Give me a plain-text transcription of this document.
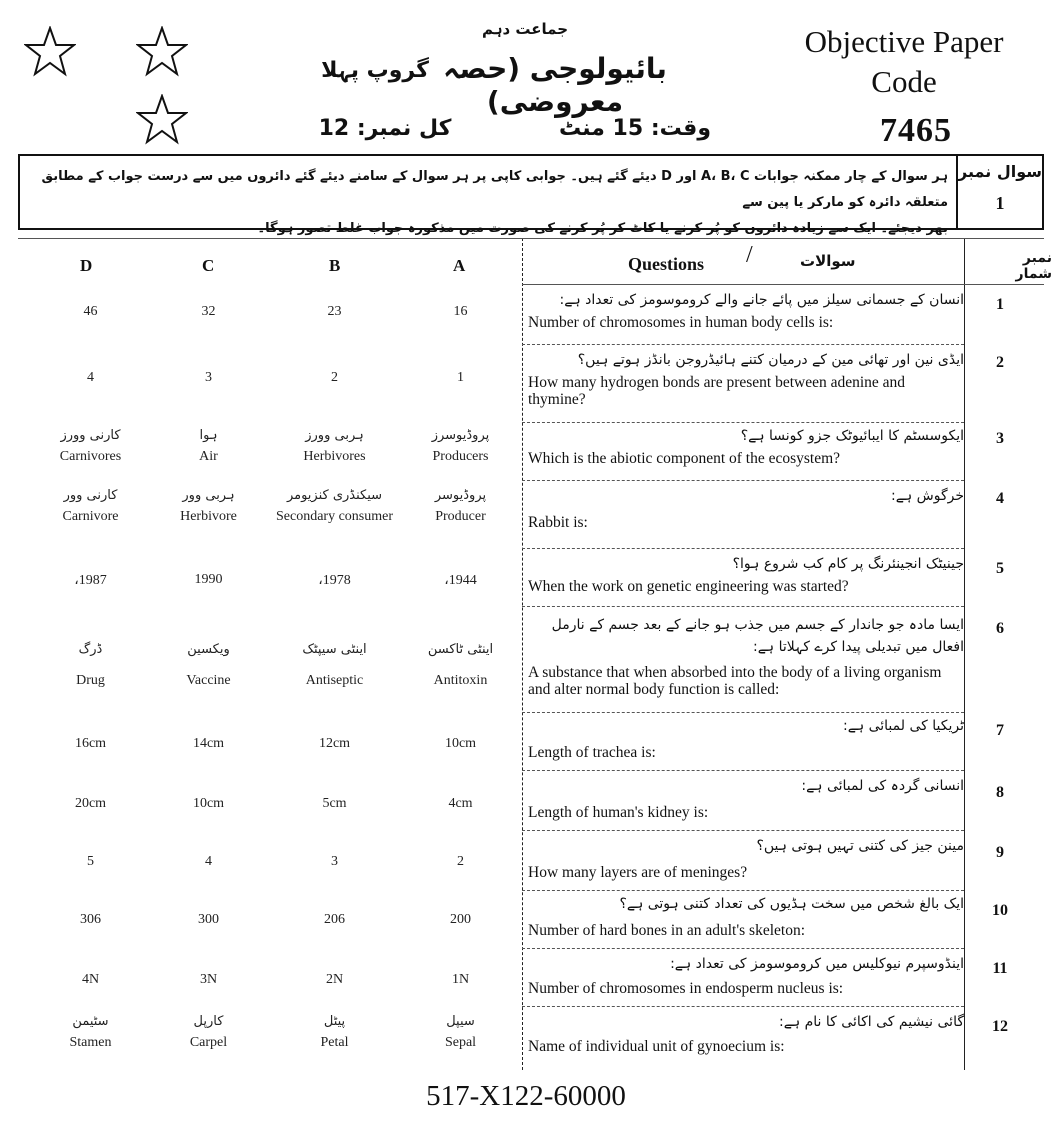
جماعت دہم
بائیولوجی (حصہ معروضی)
گروپ پہلا
وقت: 15 منٹ
کل نمبر: 12
Objective Paper
Code
7465
ہر سوال کے چار ممکنہ جوابات A، B، C اور D دیئے گئے ہیں۔ جوابی کاپی پر ہر سوال کے سامنے دیئے گئے دائروں میں سے درست جواب کے مطابق متعلقہ دائرہ کو مارکر یا پین سے
بھر دیجئے۔ ایک سے زیادہ دائروں کو پُر کرنے یا کاٹ کر پُر کرنے کی صورت میں مذکورہ جواب غلط تصور ہوگا۔
سوال نمبر
1
نمبر شمار
سوالات
/
Questions
A
B
C
D
1
انسان کے جسمانی سیلز میں پائے جانے والے کروموسومز کی تعداد ہے:
Number of chromosomes in human body cells is:
16
23
32
46
2
ایڈی نین اور تھائی مین کے درمیان کتنے ہائیڈروجن بانڈز ہوتے ہیں؟
How many hydrogen bonds are present between adenine and thymine?
1
2
3
4
3
ایکوسسٹم کا ایبائیوٹک جزو کونسا ہے؟
Which is the abiotic component of the ecosystem?
پروڈیوسرز
Producers
ہربی وورز
Herbivores
ہوا
Air
کارنی وورز
Carnivores
4
خرگوش ہے:
Rabbit is:
پروڈیوسر
Producer
سیکنڈری کنزیومر
Secondary consumer
ہربی وور
Herbivore
کارنی وور
Carnivore
5
جینیٹک انجینئرنگ پر کام کب شروع ہوا؟
When the work on genetic engineering was started?
،1944
،1978
1990
،1987
6
ایسا مادہ جو جاندار کے جسم میں جذب ہو جانے کے بعد جسم کے نارمل افعال میں تبدیلی پیدا کرے کہلاتا ہے:
A substance that when absorbed into the body of a living organism and alter normal body function is called:
اینٹی ٹاکسن
Antitoxin
اینٹی سیپٹک
Antiseptic
ویکسین
Vaccine
ڈرگ
Drug
7
ٹریکیا کی لمبائی ہے:
Length of trachea is:
10cm
12cm
14cm
16cm
8
انسانی گردہ کی لمبائی ہے:
Length of human's kidney is:
4cm
5cm
10cm
20cm
9
مینن جیز کی کتنی تہیں ہوتی ہیں؟
How many layers are of meninges?
2
3
4
5
10
ایک بالغ شخص میں سخت ہڈیوں کی تعداد کتنی ہوتی ہے؟
Number of hard bones in an adult's skeleton:
200
206
300
306
11
اینڈوسپرم نیوکلیس میں کروموسومز کی تعداد ہے:
Number of chromosomes in endosperm nucleus is:
1N
2N
3N
4N
12
گائی نیشیم کی اکائی کا نام ہے:
Name of individual unit of gynoecium is:
سیپل
Sepal
پیٹل
Petal
کارپل
Carpel
سٹیمن
Stamen
517-X122-60000
